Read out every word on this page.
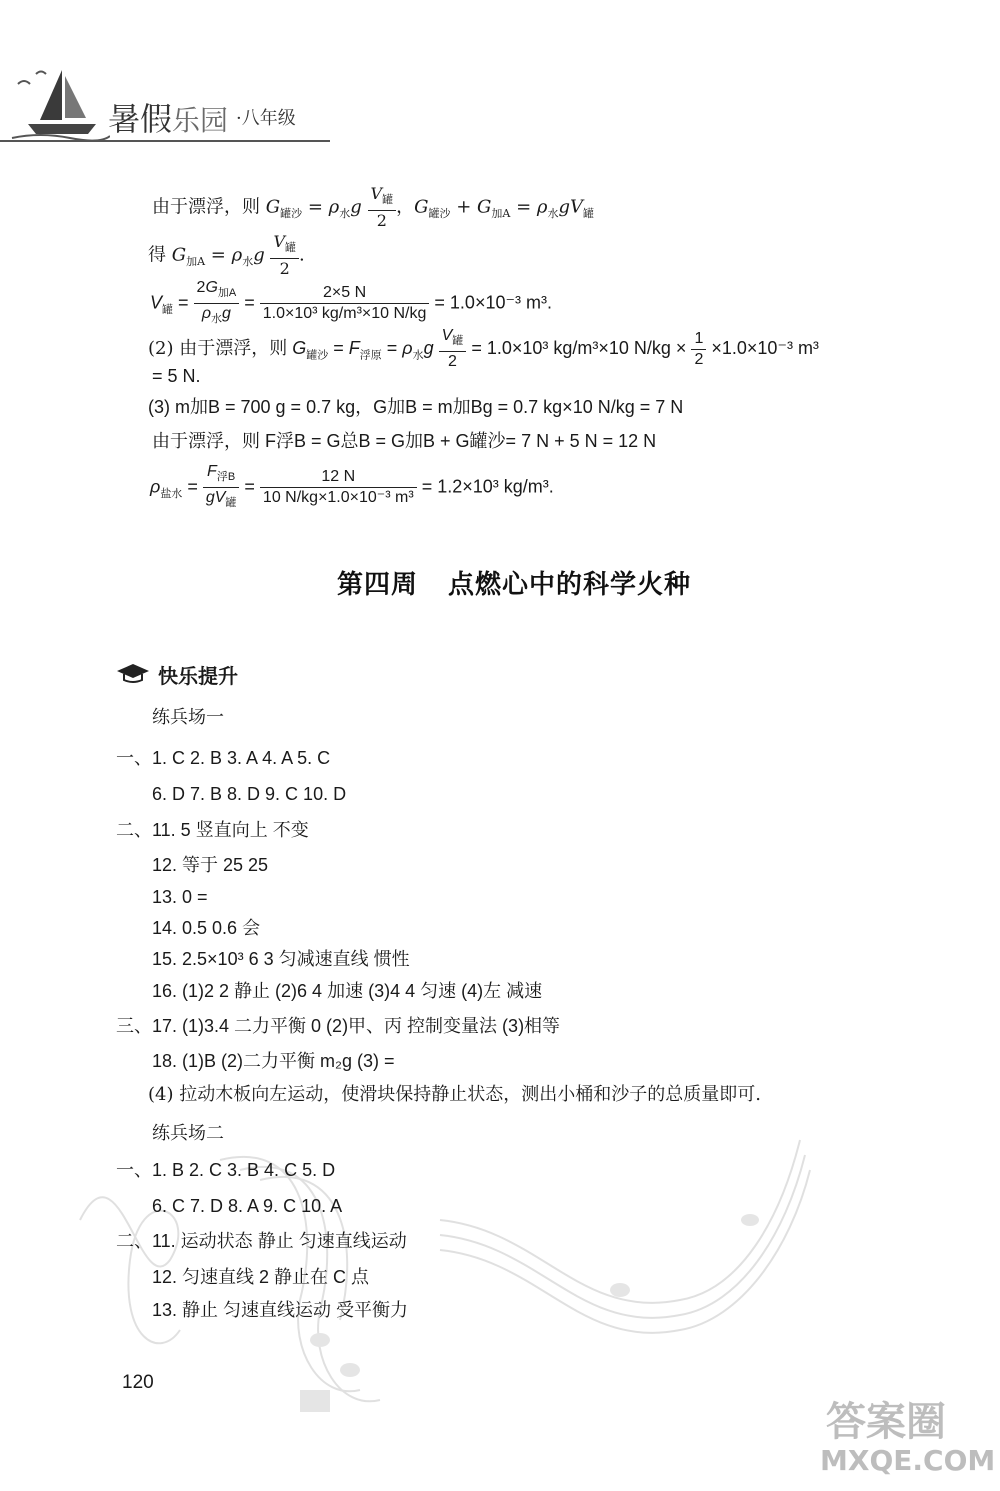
暑假乐园 ·八年级
由于漂浮，则 $G_{罐沙} = \rho_水g \frac{V_罐}{2}$ ，$G_{罐沙} + G_{加A} = \rho_水gV_罐$
得 $G_{加A} = \rho_水g \frac{V_罐}{2}$ .
$V_罐 = \frac{2G_{加A}}{\rho_水g} = \frac{2\times 5 N}{\text{1.0×10³ kg/m³×10 N/kg}} = 1.0\times 10^{-3}$ m³.
(2) 由于漂浮，则 $G_{罐沙} = F_{浮原} = \rho_水g \frac{V_罐}{2} = 1.0\times 10^3$ kg/m³×10 $N/kg \times \frac{1}{2} \times 1.0\times 10^{-3}$ m³
= 5 N.
(3) m加B = 700 g = 0.7 kg，G加B = m加Bg = 0.7 kg×10 N/kg = 7 N
由于漂浮，则 F浮B = G总B = G加B + G罐沙= 7 N + 5 N = 12 N
$\rho_{盐水} = \frac{F_{浮B}}{gV_罐} = \frac{12 N}{\text{10 N/kg×1.0×10⁻³ m³}} = 1.2\times 10^3$ kg/m³.
第四周 点燃心中的科学火种
快乐提升
练兵场一
一、1. C 2. B 3. A 4. A 5. C
6. D 7. B 8. D 9. C 10. D
二、11. 5 竖直向上 不变
12. 等于 25 25
13. 0 =
14. 0.5 0.6 会
15. 2.5×10³ 6 3 匀减速直线 惯性
16. (1)2 2 静止 (2)6 4 加速 (3)4 4 匀速 (4)左 减速
三、17. (1)3.4 二力平衡 0 (2)甲、丙 控制变量法 (3)相等
18. (1)B (2)二力平衡 m₂g (3) =
(4) 拉动木板向左运动，使滑块保持静止状态，测出小桶和沙子的总质量即可.
练兵场二
一、1. B 2. C 3. B 4. C 5. D
6. C 7. D 8. A 9. C 10. A
二、11. 运动状态 静止 匀速直线运动
12. 匀速直线 2 静止在 C 点
13. 静止 匀速直线运动 受平衡力
120
答案圈
MXQE.COM
